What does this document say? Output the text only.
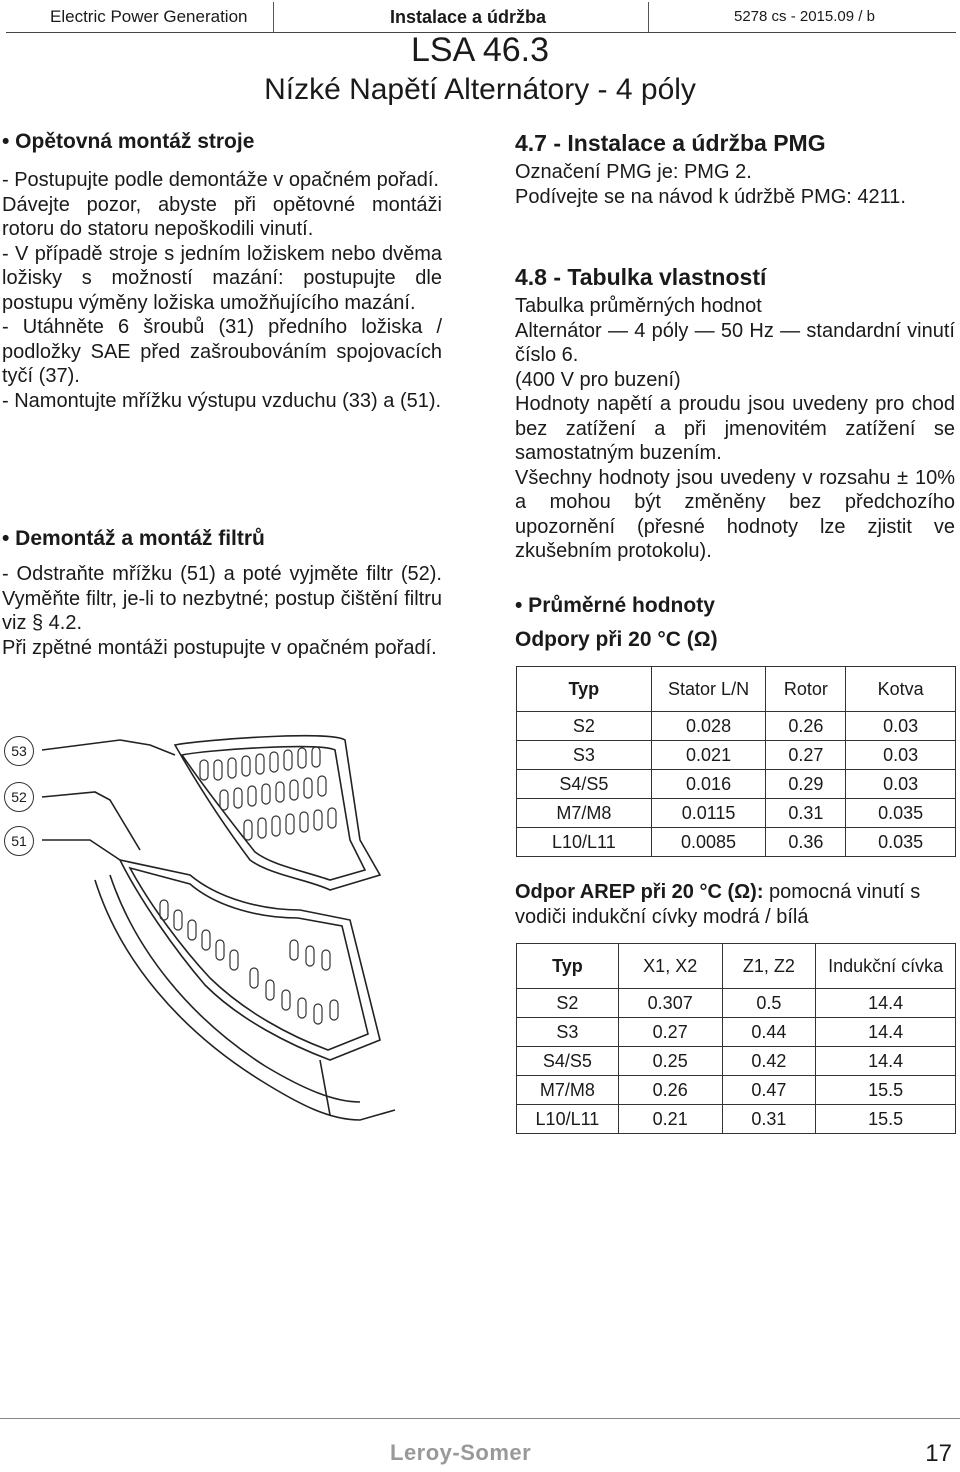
Electric Power Generation	Instalace a údržba	5278 cs - 2015.09 / b
LSA 46.3
Nízké Napětí Alternátory - 4 póly
• Opětovná montáž stroje

- Postupujte podle demontáže v opačném pořadí.

Dávejte pozor, abyste při opětovné montáži rotoru do statoru nepoškodili vinutí.

- V případě stroje s jedním ložiskem nebo dvěma ložisky s možností mazání: postupujte dle postupu výměny ložiska umožňujícího mazání.

- Utáhněte 6 šroubů (31) předního ložiska / podložky SAE před zašroubováním spojovacích tyčí (37).

- Namontujte mřížku výstupu vzduchu (33) a (51).

• Demontáž a montáž filtrů

- Odstraňte mřížku (51) a poté vyjměte filtr (52). Vyměňte filtr, je-li to nezbytné; postup čištění filtru viz § 4.2.

Při zpětné montáži postupujte v opačném pořadí.

53
52
51
4.7 - Instalace a údržba PMG

Označení PMG je: PMG 2.

Podívejte se na návod k údržbě PMG: 4211.

4.8 - Tabulka vlastností

Tabulka průměrných hodnot

Alternátor — 4 póly — 50 Hz — standardní vinutí číslo 6.

(400 V pro buzení)

Hodnoty napětí a proudu jsou uvedeny pro chod bez zatížení a při jmenovitém zatížení se samostatným buzením.

Všechny hodnoty jsou uvedeny v rozsahu ± 10% a mohou být změněny bez předchozího upozornění (přesné hodnoty lze zjistit ve zkušebním protokolu).

• Průměrné hodnoty
Odpory při 20 °C (Ω)
Typ	Stator L/N	Rotor	Kotva
S2	0.028	0.26	0.03
S3	0.021	0.27	0.03
S4/S5	0.016	0.29	0.03
M7/M8	0.0115	0.31	0.035
L10/L11	0.0085	0.36	0.035
Odpor AREP při 20 °C (Ω): pomocná vinutí s vodiči indukční cívky modrá / bílá
Typ	X1, X2	Z1, Z2	Indukční cívka
S2	0.307	0.5	14.4
S3	0.27	0.44	14.4
S4/S5	0.25	0.42	14.4
M7/M8	0.26	0.47	15.5
L10/L11	0.21	0.31	15.5
Leroy-Somer	17
